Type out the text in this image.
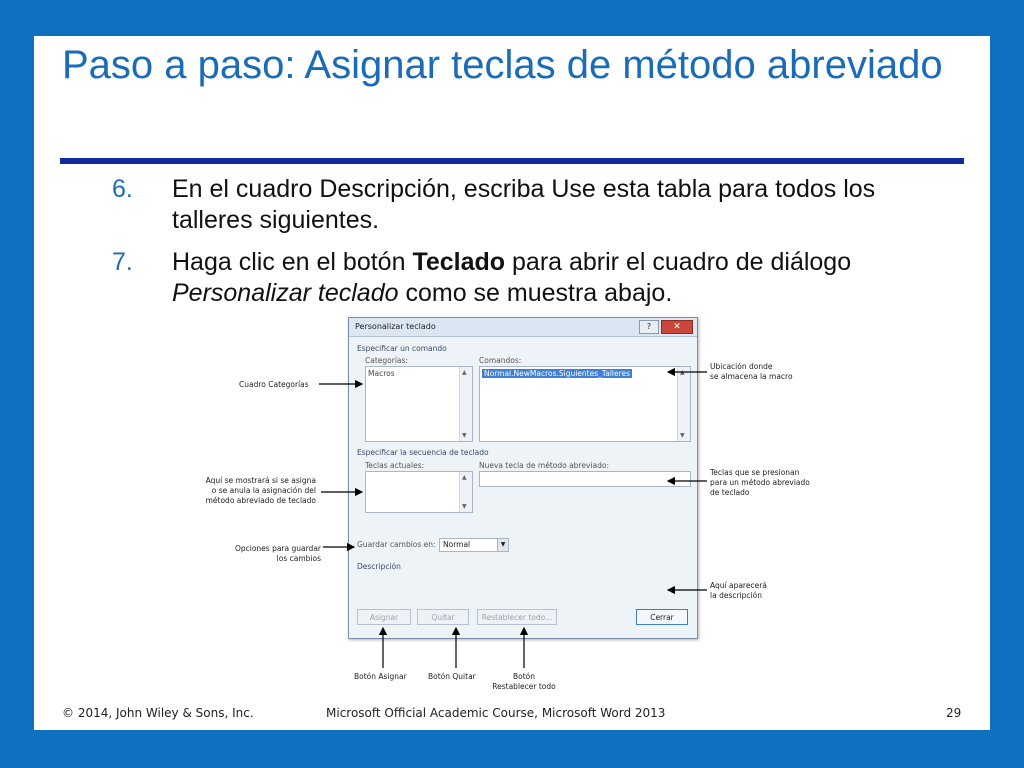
Paso a paso: Asignar teclas de método abreviado
6. En el cuadro Descripción, escriba Use esta tabla para todos los talleres siguientes.
7. Haga clic en el botón Teclado para abrir el cuadro de diálogo Personalizar teclado como se muestra abajo.
Personalizar teclado	?	✕
Especificar un comando
Categorías:
Macros	▲
▼
Comandos:
Normal.NewMacros.Siguientes_Talleres	▲
▼
Especificar la secuencia de teclado
Teclas actuales:
▲
▼
Nueva tecla de método abreviado:
Guardar cambios en: Normal	▼
Descripción
Asignar	Quitar	Restablecer todo...	Cerrar
Cuadro Categorías
Ubicación donde
se almacena la macro
Aquí se mostrará si se asigna
o se anula la asignación del
método abreviado de teclado
Teclas que se presionan
para un método abreviado
de teclado
Opciones para guardar
los cambios
Aquí aparecerá
la descripción
Botón Asignar	Botón Quitar	Botón
Restablecer todo
© 2014, John Wiley & Sons, Inc.	Microsoft Official Academic Course, Microsoft Word 2013	29
